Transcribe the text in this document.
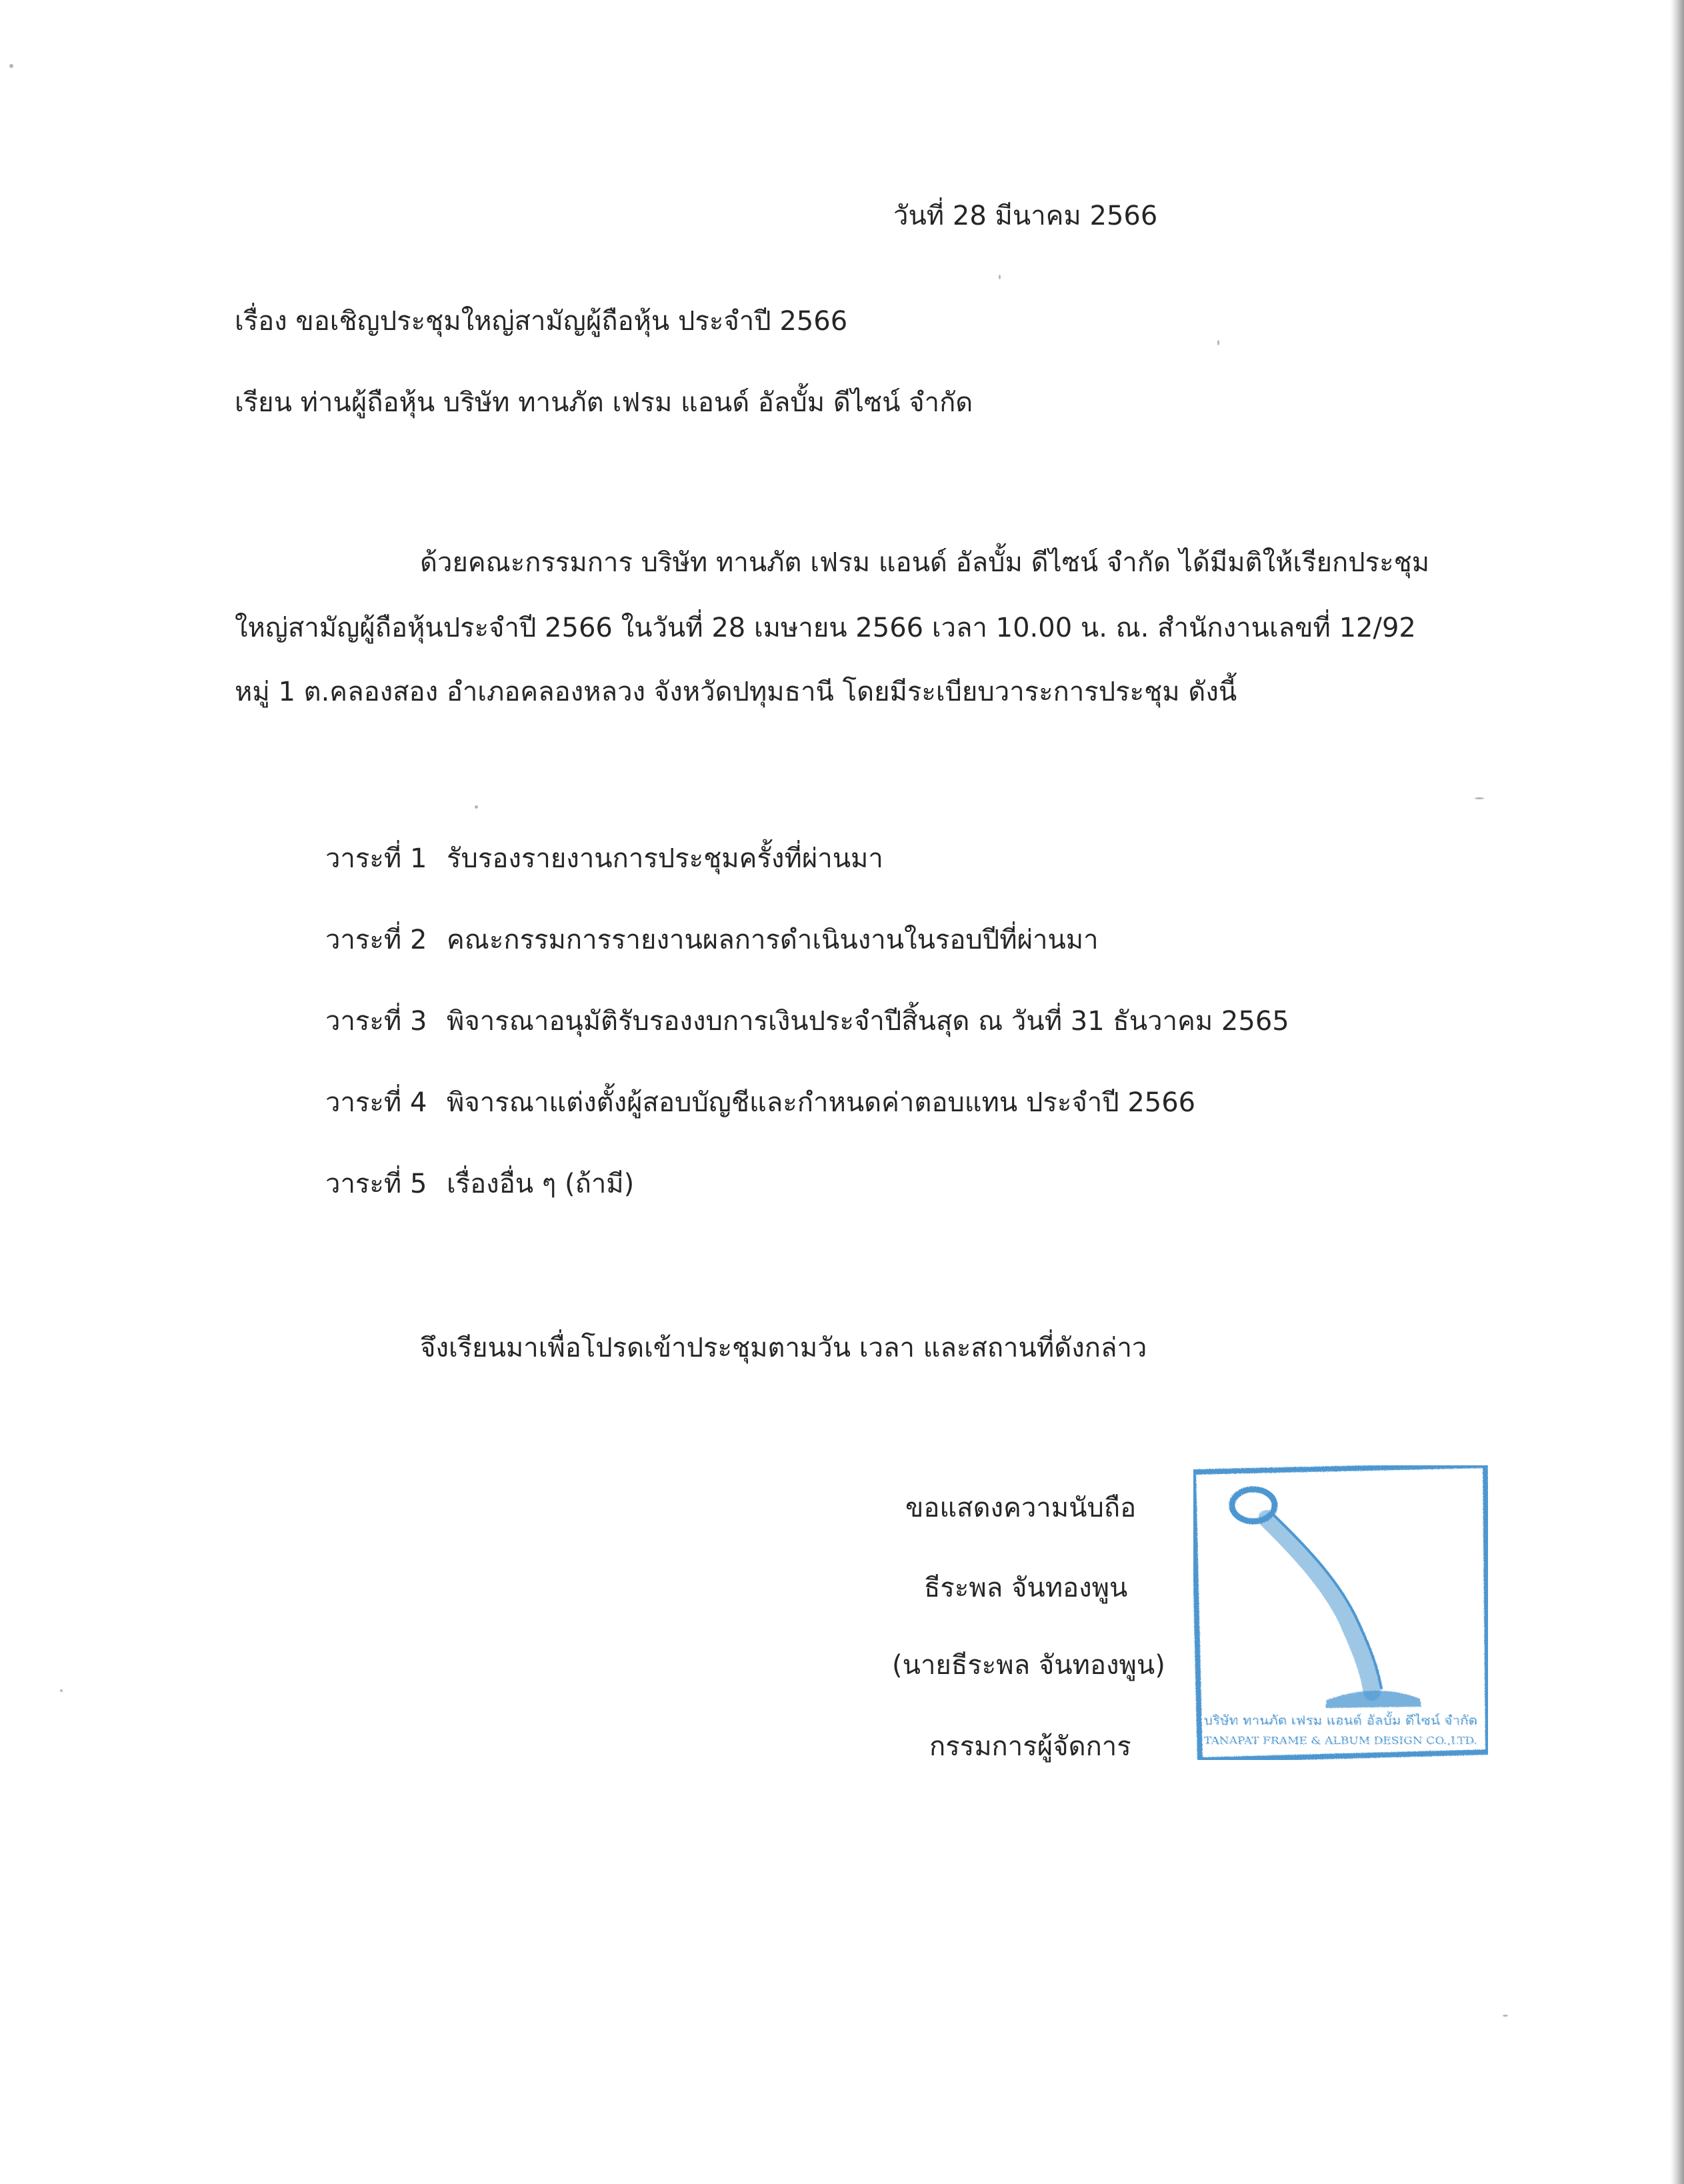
วันที่ 28 มีนาคม 2566

เรื่อง ขอเชิญประชุมใหญ่สามัญผู้ถือหุ้น ประจำปี 2566

เรียน ท่านผู้ถือหุ้น บริษัท ทานภัต เฟรม แอนด์ อัลบั้ม ดีไซน์ จำกัด

ด้วยคณะกรรมการ บริษัท ทานภัต เฟรม แอนด์ อัลบั้ม ดีไซน์ จำกัด ได้มีมติให้เรียกประชุม

ใหญ่สามัญผู้ถือหุ้นประจำปี 2566 ในวันที่ 28 เมษายน 2566 เวลา 10.00 น. ณ. สำนักงานเลขที่ 12/92

หมู่ 1 ต.คลองสอง อำเภอคลองหลวง จังหวัดปทุมธานี โดยมีระเบียบวาระการประชุม ดังนี้

วาระที่ 1 รับรองรายงานการประชุมครั้งที่ผ่านมา
วาระที่ 2 คณะกรรมการรายงานผลการดำเนินงานในรอบปีที่ผ่านมา
วาระที่ 3 พิจารณาอนุมัติรับรองงบการเงินประจำปีสิ้นสุด ณ วันที่ 31 ธันวาคม 2565
วาระที่ 4 พิจารณาแต่งตั้งผู้สอบบัญชีและกำหนดค่าตอบแทน ประจำปี 2566
วาระที่ 5 เรื่องอื่น ๆ (ถ้ามี)

จึงเรียนมาเพื่อโปรดเข้าประชุมตามวัน เวลา และสถานที่ดังกล่าว

ขอแสดงความนับถือ

ธีระพล จันทองพูน

(นายธีระพล จันทองพูน)

กรรมการผู้จัดการ

บริษัท ทานภัต เฟรม แอนด์ อัลบั้ม ดีไซน์ จำกัด
TANAPAT FRAME & ALBUM DESIGN CO.,LTD.
